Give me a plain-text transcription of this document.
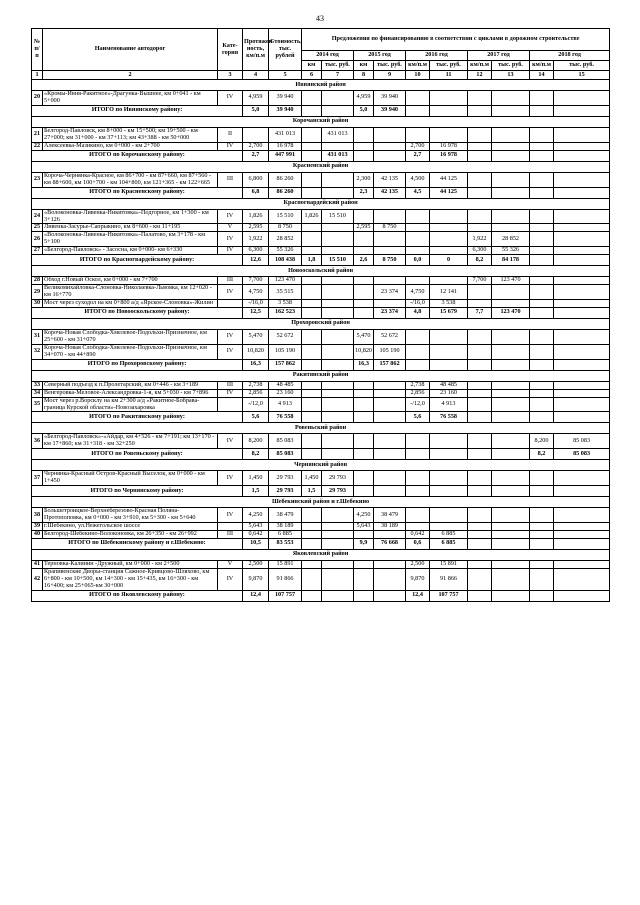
43
№ п/п	Наименование автодорог	Кате- гория	Протяжен- ность, км/п.м	Стоимость, тыс. рублей	Предложения по финансированию в соответствии с циклами в дорожном строительстве									
					2014 год		2015 год		2016 год		2017 год		2018 год	
					км	тыс. руб.	км	тыс. руб.	км/п.м	тыс. руб.	км/п.м	тыс. руб.	км/п.м	тыс. руб.
1	2	3	4	5	6	7	8	9	10	11	12	13	14	15
Ивнянский район														
20	«Кромы-Ивня-Ракитное»-Драгунка-Вышнее, км 0+041 - км 5+000	IV	4,959	39 940			4,959	39 940						
ИТОГО по Ивнянскому району:			5,0	39 940			5,0	39 940						
Корочанский район														
21	Белгород-Павловск, км 8+000 - км 15+500; км 19+500 - км 27+000; км 31+000 - км 37+113; км 43+388 - км 50+000	II		431 013		431 013								
22	Алексеевка-Мазикино, км 0+000 - км 2+700	IV	2,700	16 978					2,700	16 978				
ИТОГО по Корочанскому району:			2,7	447 991		431 013			2,7	16 978				
Красненский район														
23	Короча-Чернянка-Красное, км 86+700 - км 87+660, км 87+560 - км 88+600, км 100+700 - км 104+800, км 121+365 - км 122+665	III	6,800	86 260			2,300	42 135	4,500	44 125				
ИТОГО по Красненскому району:			6,8	86 260			2,3	42 135	4,5	44 125				
Красногвардейский район														
24	«Волоконовка-Ливенка-Никитовка»-Подгорное, км 1+300 - км 3+126	IV	1,826	15 510	1,826	15 510								
25	Ливенка-Засурье-Сапрыкино, км 8+600 - км 11+195	V	2,595	8 750			2,595	8 750						
26	«Волоконовка-Ливенка-Никитовка»-Палатово, км 3+178 - км 5+100	IV	1,922	28 852							1,922	28 852		
27	«Белгород-Павловск» - Засосна, км 0+000- км 6+330	IV	6,300	55 326							6,300	55 326		
ИТОГО по Красногвардейскому району:			12,6	108 438	1,8	15 510	2,6	8 750	0,0	0	8,2	84 178		
Новооскольский район														
28	Обход г.Новый Оскол, км 0+000 - км 7+700	III	7,700	123 470							7,700	123 470		
29	Великомихайловка-Слоновка-Николаевка-Львовка, км 12+020 - км 16+770	IV	4,750	35 515				23 374	4,750	12 141				
30	Мост через суходол на км 0+800 а/д «Ярское-Слоновка»-Жилин		-/16,0	3 538					-/16,0	3 538				
ИТОГО по Новооскольскому району:			12,5	162 523				23 374	4,8	15 679	7,7	123 470		
Прохоровский район														
31	Короча-Новая Слободка-Хмелевое-Подольхи-Призначное, км 25+600 - км 31+070	IV	5,470	52 672			5,470	52 672						
32	Короча-Новая Слободка-Хмелевое-Подольхи-Призначное, км 34+070 - км 44+890	IV	10,820	105 190			10,820	105 190						
ИТОГО по Прохоровскому району:			16,3	157 862			16,3	157 862						
Ракитянский район														
33	Северный подъезд к п.Пролетарский, км 0+446 - км 3+189	III	2,738	48 485					2,738	48 485				
34	Венгеровка-Меловое-Александровка-1-я, км 5+030 - км 7+896	IV	2,856	23 160					2,856	23 160				
35	Мост через р.Ворсклу на км 2+300 а/д «Ракитное-Бобрава-граница Курской области»-Новозахаровка		-/12,0	4 913					-/12,0	4 913				
ИТОГО по Ракитянскому району:			5,6	76 558					5,6	76 558				
Ровеньский район														
36	«Белгород-Павловск»-«Айдар, км 4+526 - км 7+191; км 13+170 - км 17+860; км 31+318 - км 32+250	IV	8,200	85 083									8,200	85 083
ИТОГО по Ровеньскому району:			8,2	85 083									8,2	85 083
Чернянский район														
37	Чернянка-Красный Остров-Красный Выселок, км 0+000 - км 1+450	IV	1,450	29 793	1,450	29 793								
ИТОГО по Чернянскому району:			1,5	29 793	1,5	29 793								
Шебекинский район и г.Шебекино														
38	Большетроицкое-Верхнеберезово-Красная Поляна-Протопоповка, км 0+000 - км 3+910, км 5+300 - км 5+640	IV	4,250	38 479			4,250	38 479						
39	г.Шебекино, ул.Нежегольское шоссе		5,643	38 189			5,643	38 189						
40	Белгород-Шебекино-Волоконовка, км 26+350 - км 26+992	III	0,642	6 885					0,642	6 885				
ИТОГО по Шебекинскому району и г.Шебекино:			10,5	83 553			9,9	76 668	0,6	6 885				
Яковлевский район														
41	Терновка-Калинин -Дружный, км 0+000 - км 2+500	V	2,500	15 891					2,500	15 891				
42	Крапивенские Дворы-станция Сажное-Кривцово-Шляхово, км 6+800 - км 10+500, км 14+300 - км 15+435, км 16+300 - км 16+400; км 25+065-км 30+000	IV	9,870	91 866					9,870	91 866				
ИТОГО по Яковлевскому району:			12,4	107 757					12,4	107 757				
